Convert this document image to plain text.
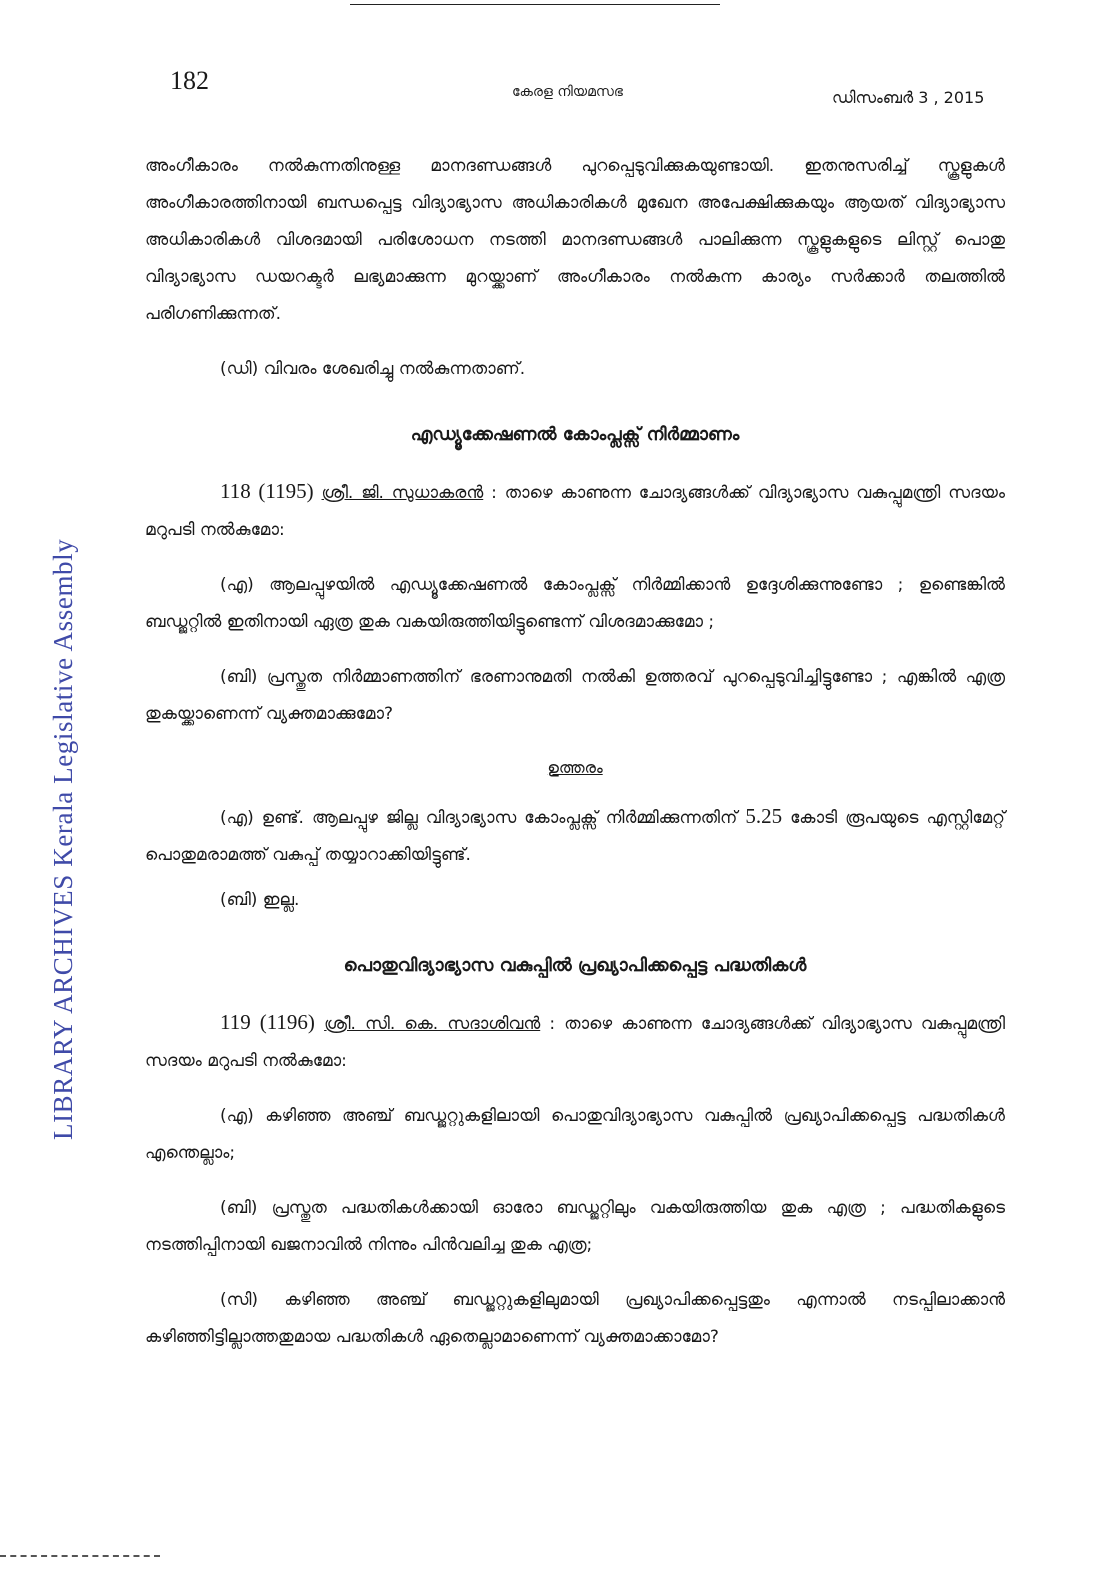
182	കേരള നിയമസഭ	ഡിസംബർ 3 , 2015
LIBRARY ARCHIVES Kerala Legislative Assembly

അംഗീകാരം നൽകുന്നതിനുള്ള മാനദണ്ഡങ്ങൾ പുറപ്പെടുവിക്കുകയുണ്ടായി. ഇതനുസരിച്ച് സ്കൂളുകൾ അംഗീകാരത്തിനായി ബന്ധപ്പെട്ട വിദ്യാഭ്യാസ അധികാരികൾ മുഖേന അപേക്ഷിക്കുകയും ആയത് വിദ്യാഭ്യാസ അധികാരികൾ വിശദമായി പരിശോധന നടത്തി മാനദണ്ഡങ്ങൾ പാലിക്കുന്ന സ്കൂളുകളുടെ ലിസ്റ്റ് പൊതു വിദ്യാഭ്യാസ ഡയറക്ടർ ലഭ്യമാക്കുന്ന മുറയ്ക്കാണ് അംഗീകാരം നൽകുന്ന കാര്യം സർക്കാർ തലത്തിൽ പരിഗണിക്കുന്നത്.

(ഡി) വിവരം ശേഖരിച്ചു നൽകുന്നതാണ്.

എഡ്യൂക്കേഷണൽ കോംപ്ലക്സ് നിർമ്മാണം

118 (1195) ശ്രീ. ജി. സുധാകരൻ : താഴെ കാണുന്ന ചോദ്യങ്ങൾക്ക് വിദ്യാഭ്യാസ വകുപ്പുമന്ത്രി സദയം മറുപടി നൽകുമോ:

(എ) ആലപ്പുഴയിൽ എഡ്യൂക്കേഷണൽ കോംപ്ലക്സ് നിർമ്മിക്കാൻ ഉദ്ദേശിക്കുന്നുണ്ടോ ; ഉണ്ടെങ്കിൽ ബഡ്ജറ്റിൽ ഇതിനായി ഏത്ര തുക വകയിരുത്തിയിട്ടുണ്ടെന്ന് വിശദമാക്കുമോ ;

(ബി) പ്രസ്തുത നിർമ്മാണത്തിന് ഭരണാനുമതി നൽകി ഉത്തരവ് പുറപ്പെടുവിച്ചിട്ടുണ്ടോ ; എങ്കിൽ എത്ര തുകയ്ക്കാണെന്ന് വ്യക്തമാക്കുമോ?

ഉത്തരം

(എ) ഉണ്ട്. ആലപ്പുഴ ജില്ല വിദ്യാഭ്യാസ കോംപ്ലക്സ് നിർമ്മിക്കുന്നതിന് 5.25 കോടി രൂപയുടെ എസ്റ്റിമേറ്റ് പൊതുമരാമത്ത് വകുപ്പ് തയ്യാറാക്കിയിട്ടുണ്ട്.

(ബി) ഇല്ല.

പൊതുവിദ്യാഭ്യാസ വകുപ്പിൽ പ്രഖ്യാപിക്കപ്പെട്ട പദ്ധതികൾ

119 (1196) ശ്രീ. സി. കെ. സദാശിവൻ : താഴെ കാണുന്ന ചോദ്യങ്ങൾക്ക് വിദ്യാഭ്യാസ വകുപ്പുമന്ത്രി സദയം മറുപടി നൽകുമോ:

(എ) കഴിഞ്ഞ അഞ്ച് ബഡ്ജറ്റുകളിലായി പൊതുവിദ്യാഭ്യാസ വകുപ്പിൽ പ്രഖ്യാപിക്കപ്പെട്ട പദ്ധതികൾ എന്തെല്ലാം;

(ബി) പ്രസ്തുത പദ്ധതികൾക്കായി ഓരോ ബഡ്ജറ്റിലും വകയിരുത്തിയ തുക എത്ര ; പദ്ധതികളുടെ നടത്തിപ്പിനായി ഖജനാവിൽ നിന്നും പിൻവലിച്ച തുക എത്ര;

(സി) കഴിഞ്ഞ അഞ്ച് ബഡ്ജറ്റുകളിലുമായി പ്രഖ്യാപിക്കപ്പെട്ടതും എന്നാൽ നടപ്പിലാക്കാൻ കഴിഞ്ഞിട്ടില്ലാത്തതുമായ പദ്ധതികൾ ഏതെല്ലാമാണെന്ന് വ്യക്തമാക്കാമോ?
